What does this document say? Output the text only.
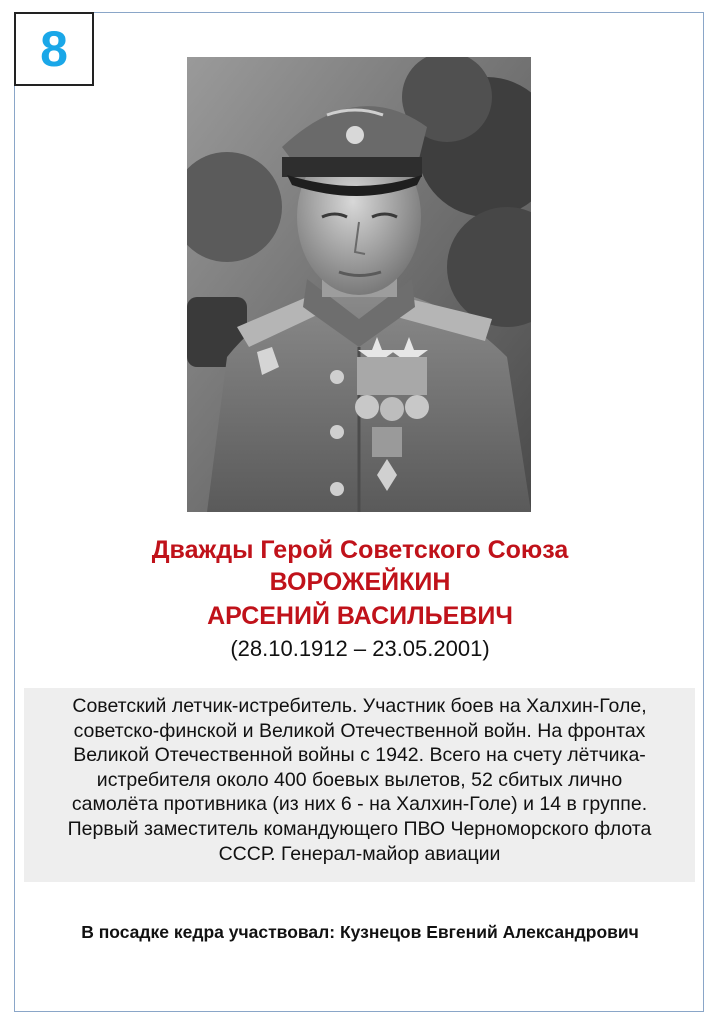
8
Дважды Герой Советского Союза
ВОРОЖЕЙКИН
АРСЕНИЙ ВАСИЛЬЕВИЧ
(28.10.1912 – 23.05.2001)
Советский летчик-истребитель. Участник боев на Халхин-Голе,
советско-финской и Великой Отечественной войн. На фронтах
Великой Отечественной войны с 1942. Всего на счету лётчика-
истребителя около 400 боевых вылетов, 52 сбитых лично
самолёта противника (из них 6 - на Халхин-Голе) и 14 в группе.
Первый заместитель командующего ПВО Черноморского флота
СССР. Генерал-майор авиации
В посадке кедра участвовал: Кузнецов Евгений Александрович
